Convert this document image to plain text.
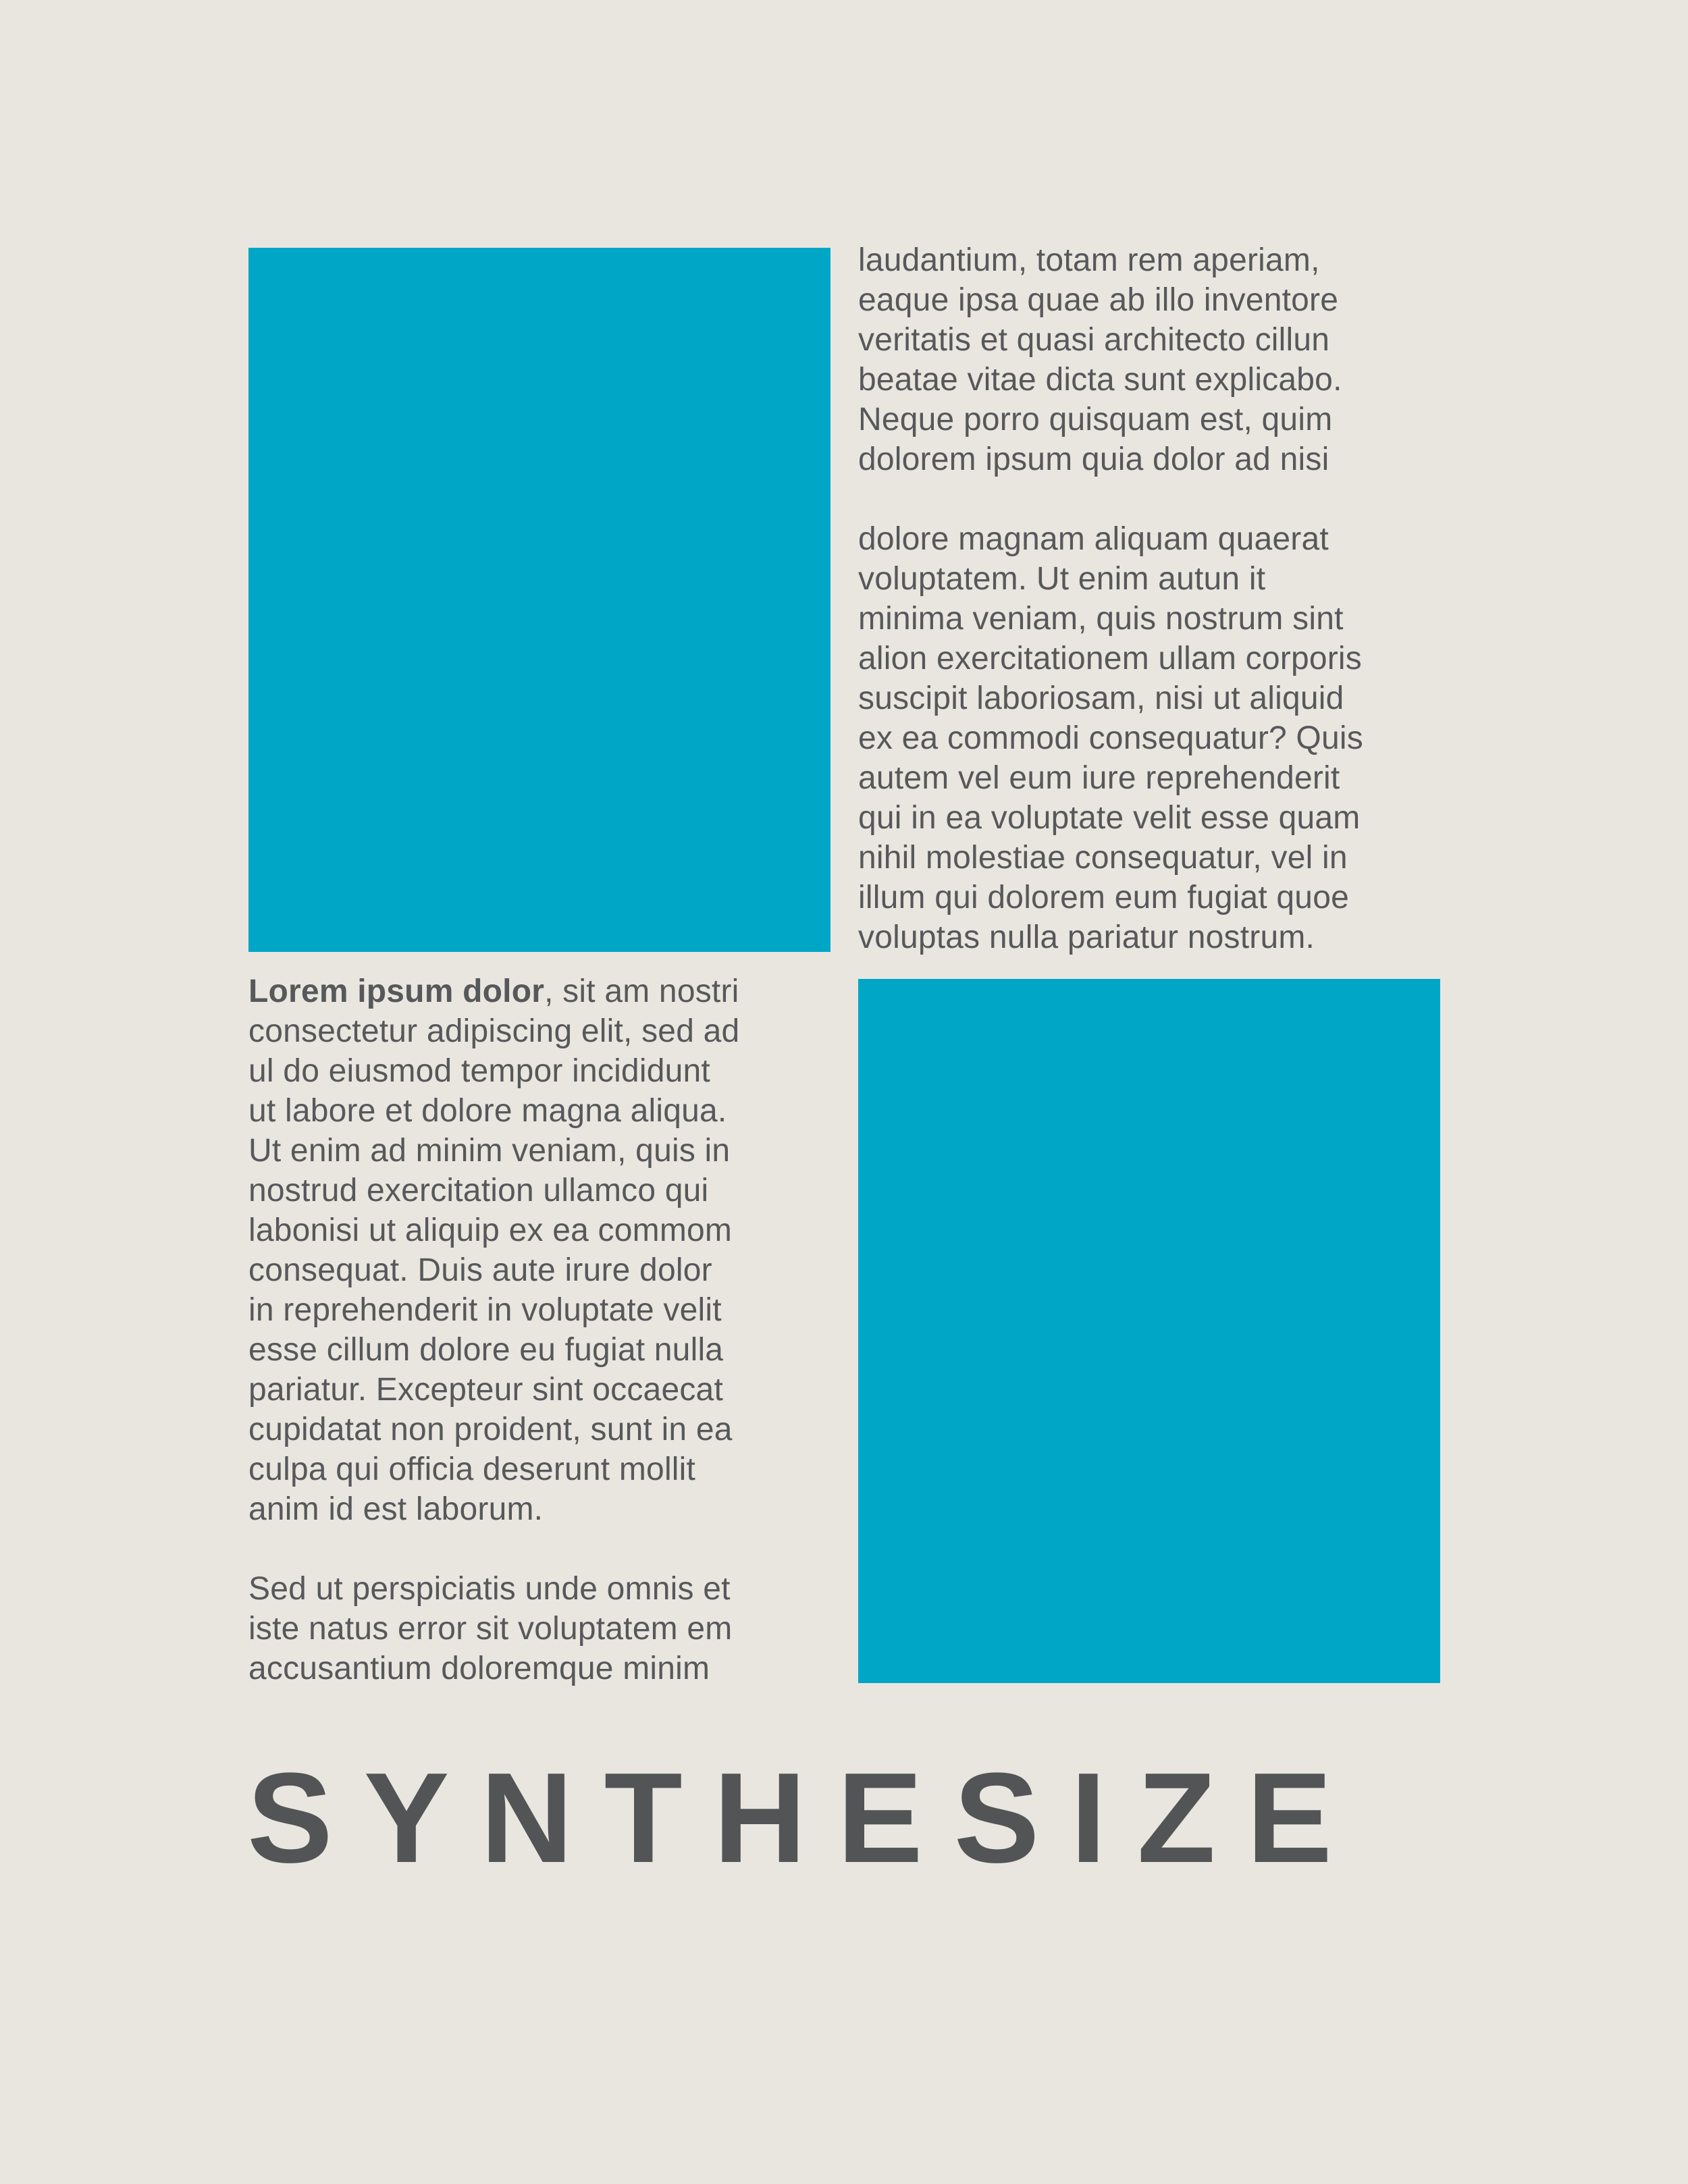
laudantium, totam rem aperiam,
eaque ipsa quae ab illo inventore
veritatis et quasi architecto cillun
beatae vitae dicta sunt explicabo.
Neque porro quisquam est, quim
dolorem ipsum quia dolor ad nisi
dolore magnam aliquam quaerat
voluptatem. Ut enim autun it
minima veniam, quis nostrum sint
alion exercitationem ullam corporis
suscipit laboriosam, nisi ut aliquid
ex ea commodi consequatur? Quis
autem vel eum iure reprehenderit
qui in ea voluptate velit esse quam
nihil molestiae consequatur, vel in
illum qui dolorem eum fugiat quoe
voluptas nulla pariatur nostrum.
Lorem ipsum dolor, sit am nostri
consectetur adipiscing elit, sed ad
ul do eiusmod tempor incididunt
ut labore et dolore magna aliqua.
Ut enim ad minim veniam, quis in
nostrud exercitation ullamco qui
labonisi ut aliquip ex ea commom
consequat. Duis aute irure dolor
in reprehenderit in voluptate velit
esse cillum dolore eu fugiat nulla
pariatur. Excepteur sint occaecat
cupidatat non proident, sunt in ea
culpa qui officia deserunt mollit
anim id est laborum.
Sed ut perspiciatis unde omnis et
iste natus error sit voluptatem em
accusantium doloremque minim
SYNTHESIZE
